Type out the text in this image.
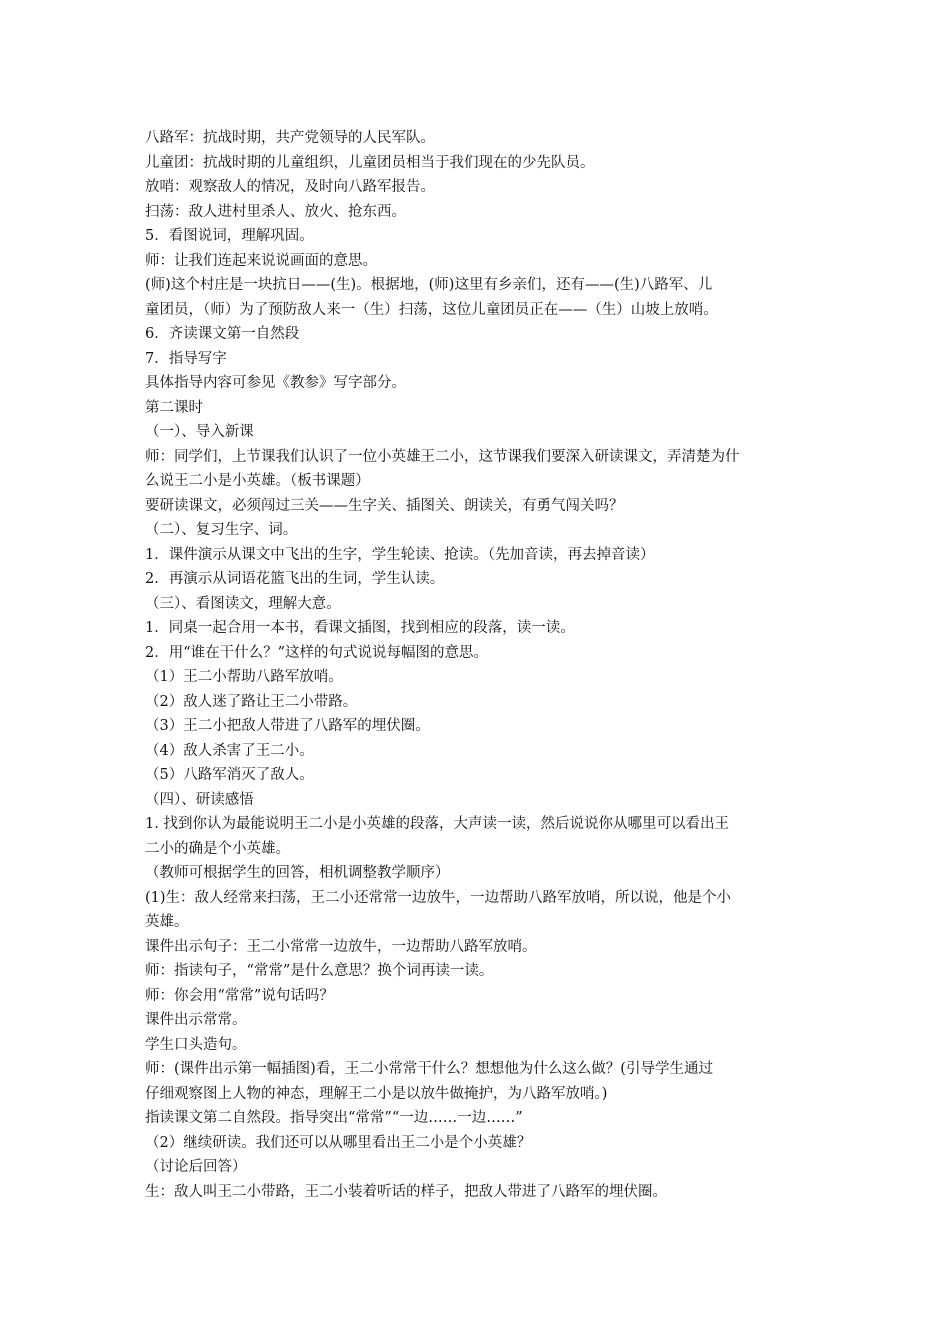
八路军：抗战时期，共产党领导的人民军队。
儿童团：抗战时期的儿童组织，儿童团员相当于我们现在的少先队员。
放哨：观察敌人的情况，及时向八路军报告。
扫荡：敌人进村里杀人、放火、抢东西。
5．看图说词，理解巩固。
师：让我们连起来说说画面的意思。
(师)这个村庄是一块抗日——(生)。根据地，(师)这里有乡亲们，还有——(生)八路军、儿
童团员，（师）为了预防敌人来一（生）扫荡，这位儿童团员正在——（生）山坡上放哨。
6．齐读课文第一自然段
7．指导写字
具体指导内容可参见《教参》写字部分。
第二课时
（一）、导入新课
师：同学们，上节课我们认识了一位小英雄王二小，这节课我们要深入研读课文，弄清楚为什
么说王二小是小英雄。（板书课题）
要研读课文，必须闯过三关——生字关、插图关、朗读关，有勇气闯关吗？
（二）、复习生字、词。
1．课件演示从课文中飞出的生字，学生轮读、抢读。（先加音读，再去掉音读）
2．再演示从词语花篮飞出的生词，学生认读。
（三）、看图读文，理解大意。
1．同桌一起合用一本书，看课文插图，找到相应的段落，读一读。
2．用“谁在干什么？”这样的句式说说每幅图的意思。
（1）王二小帮助八路军放哨。
（2）敌人迷了路让王二小带路。
（3）王二小把敌人带进了八路军的埋伏圈。
（4）敌人杀害了王二小。
（5）八路军消灭了敌人。
（四）、研读感悟
1. 找到你认为最能说明王二小是小英雄的段落，大声读一读，然后说说你从哪里可以看出王
二小的确是个小英雄。
（教师可根据学生的回答，相机调整教学顺序）
(1)生：敌人经常来扫荡，王二小还常常一边放牛，一边帮助八路军放哨，所以说，他是个小
英雄。
课件出示句子：王二小常常一边放牛，一边帮助八路军放哨。
师：指读句子，“常常”是什么意思？换个词再读一读。
师：你会用“常常”说句话吗？
课件出示常常。
学生口头造句。
师：(课件出示第一幅插图)看，王二小常常干什么？想想他为什么这么做？(引导学生通过
仔细观察图上人物的神态，理解王二小是以放牛做掩护，为八路军放哨。)
指读课文第二自然段。指导突出“常常”“一边……一边……”
（2）继续研读。我们还可以从哪里看出王二小是个小英雄？
（讨论后回答）
生：敌人叫王二小带路，王二小装着听话的样子，把敌人带进了八路军的埋伏圈。
